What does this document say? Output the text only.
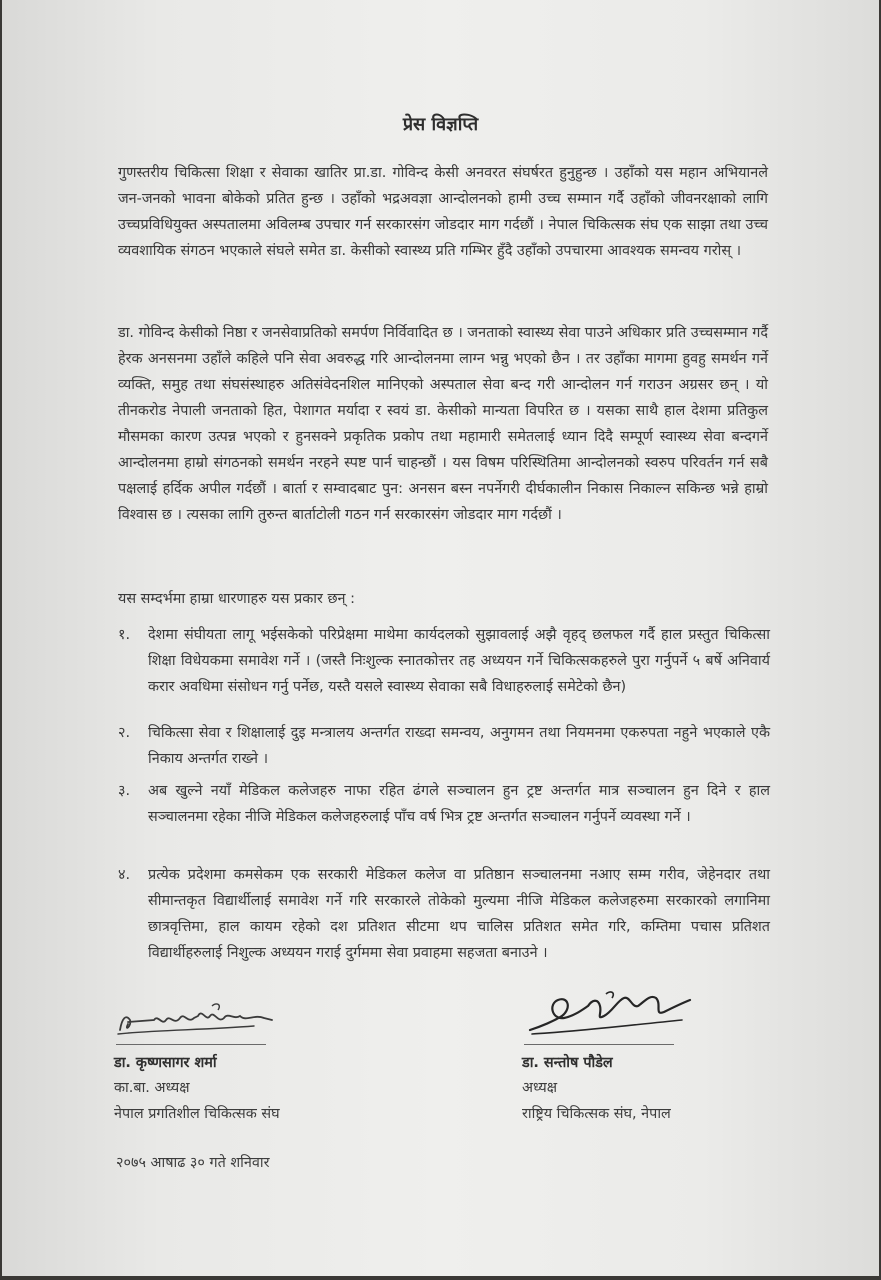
प्रेस विज्ञप्ति

गुणस्तरीय चिकित्सा शिक्षा र सेवाका खातिर प्रा.डा. गोविन्द केसी अनवरत संघर्षरत हुनुहुन्छ । उहाँको यस महान अभियानले जन-जनको भावना बोकेको प्रतित हुन्छ । उहाँको भद्रअवज्ञा आन्दोलनको हामी उच्च सम्मान गर्दै उहाँको जीवनरक्षाको लागि उच्चप्रविधियुक्त अस्पतालमा अविलम्ब उपचार गर्न सरकारसंग जोडदार माग गर्दछौं । नेपाल चिकित्सक संघ एक साझा तथा उच्च व्यवशायिक संगठन भएकाले संघले समेत डा. केसीको स्वास्थ्य प्रति गम्भिर हुँदै उहाँको उपचारमा आवश्यक समन्वय गरोस् ।

डा. गोविन्द केसीको निष्ठा र जनसेवाप्रतिको समर्पण निर्विवादित छ । जनताको स्वास्थ्य सेवा पाउने अधिकार प्रति उच्चसम्मान गर्दै हेरक अनसनमा उहाँले कहिले पनि सेवा अवरुद्ध गरि आन्दोलनमा लाग्न भन्नु भएको छैन । तर उहाँका मागमा हुवहु समर्थन गर्ने व्यक्ति, समुह तथा संघसंस्थाहरु अतिसंवेदनशिल मानिएको अस्पताल सेवा बन्द गरी आन्दोलन गर्न गराउन अग्रसर छन् । यो तीनकरोड नेपाली जनताको हित, पेशागत मर्यादा र स्वयं डा. केसीको मान्यता विपरित छ । यसका साथै हाल देशमा प्रतिकुल मौसमका कारण उत्पन्न भएको र हुनसक्ने प्रकृतिक प्रकोप तथा महामारी समेतलाई ध्यान दिदै सम्पूर्ण स्वास्थ्य सेवा बन्दगर्ने आन्दोलनमा हाम्रो संगठनको समर्थन नरहने स्पष्ट पार्न चाहन्छौं । यस विषम परिस्थितिमा आन्दोलनको स्वरुप परिवर्तन गर्न सबै पक्षलाई हर्दिक अपील गर्दछौं । बार्ता र सम्वादबाट पुन: अनसन बस्न नपर्नेगरी दीर्घकालीन निकास निकाल्न सकिन्छ भन्ने हाम्रो विश्वास छ । त्यसका लागि तुरुन्त बार्ताटोली गठन गर्न सरकारसंग जोडदार माग गर्दछौं ।

यस सम्दर्भमा हाम्रा धारणाहरु यस प्रकार छन् :

१.	देशमा संघीयता लागू भईसकेको परिप्रेक्षमा माथेमा कार्यदलको सुझावलाई अझै वृहद् छलफल गर्दै हाल प्रस्तुत चिकित्सा शिक्षा विधेयकमा समावेश गर्ने । (जस्तै निःशुल्क स्नातकोत्तर तह अध्ययन गर्ने चिकित्सकहरुले पुरा गर्नुपर्ने ५ बर्षे अनिवार्य करार अवधिमा संसोधन गर्नु पर्नेछ, यस्तै यसले स्वास्थ्य सेवाका सबै विधाहरुलाई समेटेको छैन)

२.	चिकित्सा सेवा र शिक्षालाई दुइ मन्त्रालय अन्तर्गत राख्दा समन्वय, अनुगमन तथा नियमनमा एकरुपता नहुने भएकाले एकै निकाय अन्तर्गत राख्ने ।

३.	अब खुल्ने नयाँ मेडिकल कलेजहरु नाफा रहित ढंगले सञ्चालन हुन ट्रष्ट अन्तर्गत मात्र सञ्चालन हुन दिने र हाल सञ्चालनमा रहेका नीजि मेडिकल कलेजहरुलाई पाँच वर्ष भित्र ट्रष्ट अन्तर्गत सञ्चालन गर्नुपर्ने व्यवस्था गर्ने ।

४.	प्रत्येक प्रदेशमा कमसेकम एक सरकारी मेडिकल कलेज वा प्रतिष्ठान सञ्चालनमा नआए सम्म गरीव, जेहेनदार तथा सीमान्तकृत विद्यार्थीलाई समावेश गर्ने गरि सरकारले तोकेको मुल्यमा नीजि मेडिकल कलेजहरुमा सरकारको लगानिमा छात्रवृत्तिमा, हाल कायम रहेको दश प्रतिशत सीटमा थप चालिस प्रतिशत समेत गरि, कम्तिमा पचास प्रतिशत विद्यार्थीहरुलाई निशुल्क अध्ययन गराई दुर्गममा सेवा प्रवाहमा सहजता बनाउने ।

डा. कृष्णसागर शर्मा
का.बा. अध्यक्ष
नेपाल प्रगतिशील चिकित्सक संघ
डा. सन्तोष पौडेल
अध्यक्ष
राष्ट्रिय चिकित्सक संघ, नेपाल
२०७५ आषाढ ३० गते शनिवार
